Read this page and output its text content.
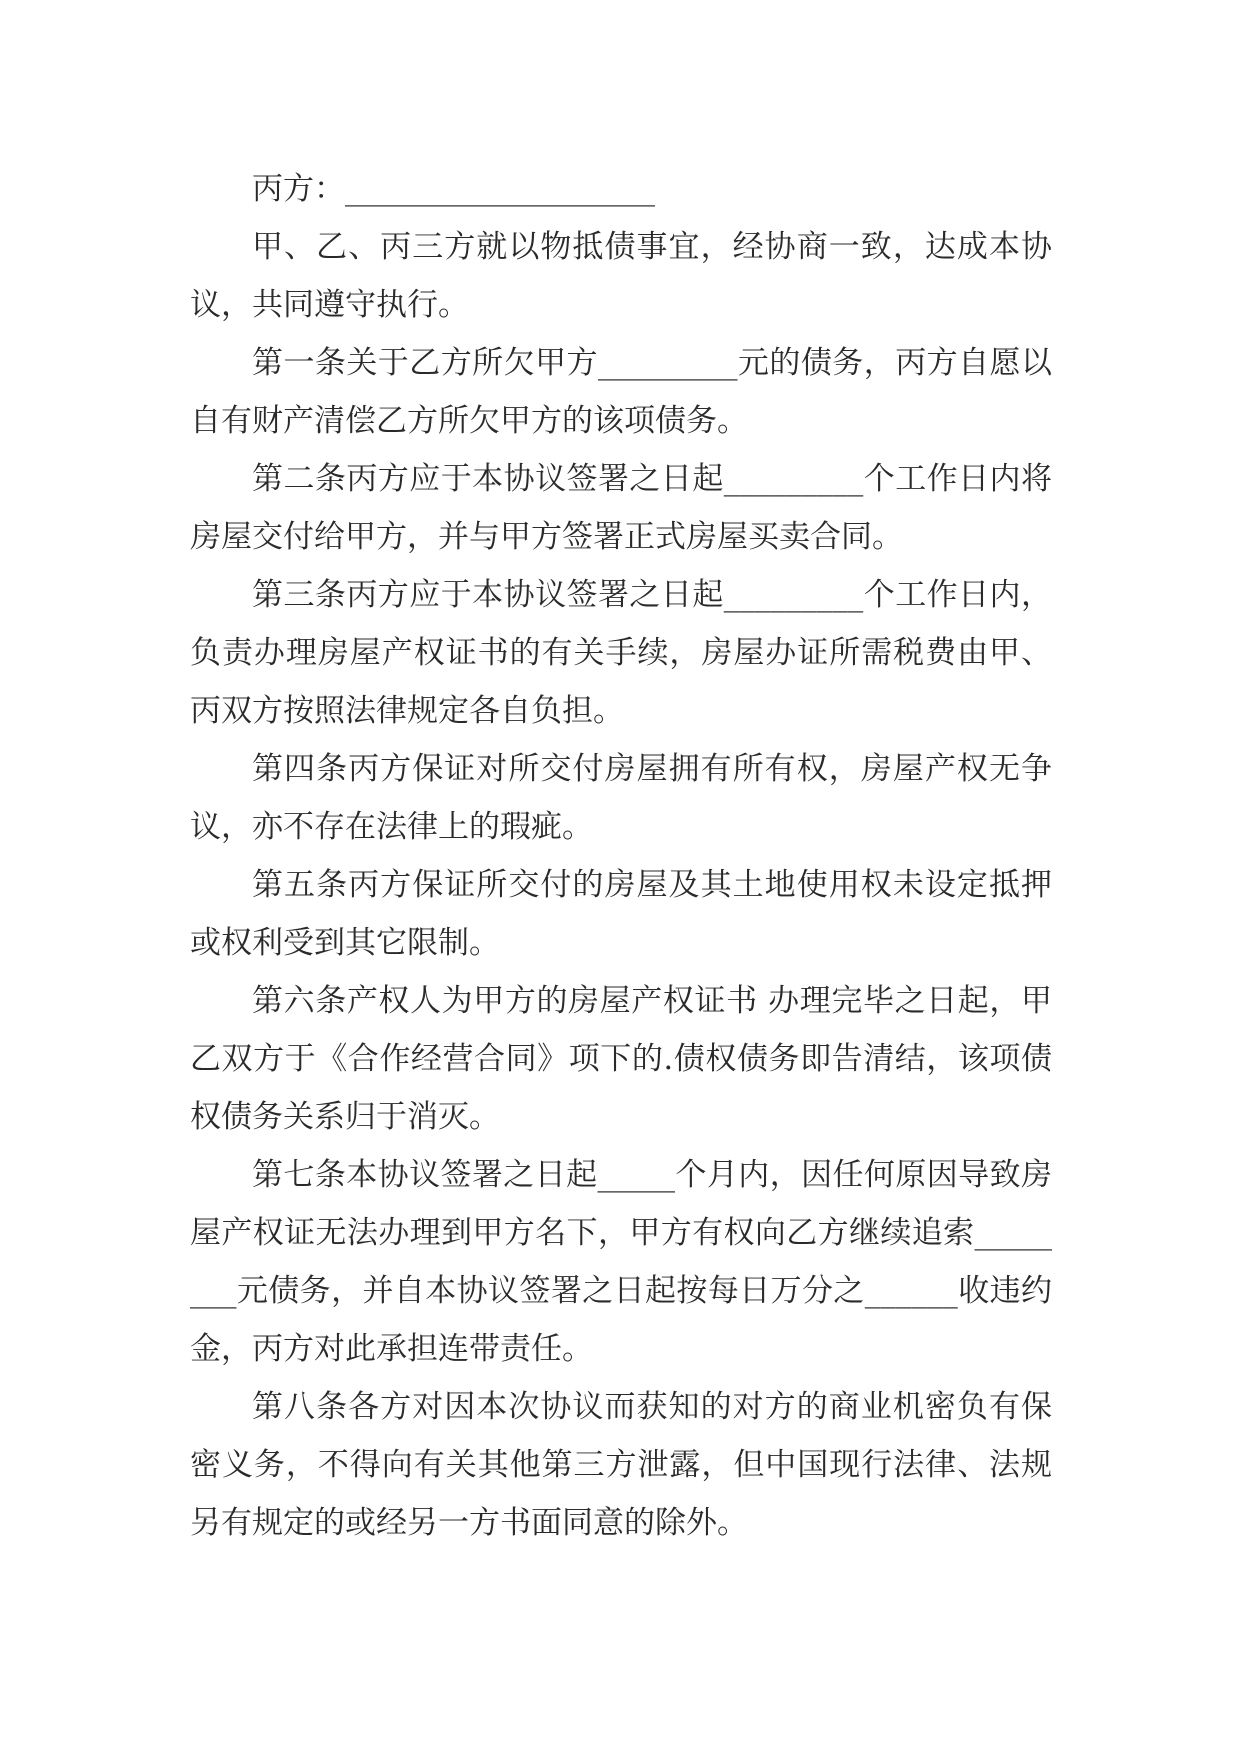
丙方：____________________

甲、乙、丙三方就以物抵债事宜，经协商一致，达成本协议，共同遵守执行。

第一条关于乙方所欠甲方_________元的债务，丙方自愿以自有财产清偿乙方所欠甲方的该项债务。

第二条丙方应于本协议签署之日起_________个工作日内将房屋交付给甲方，并与甲方签署正式房屋买卖合同。

第三条丙方应于本协议签署之日起_________个工作日内，负责办理房屋产权证书的有关手续，房屋办证所需税费由甲、丙双方按照法律规定各自负担。

第四条丙方保证对所交付房屋拥有所有权，房屋产权无争议，亦不存在法律上的瑕疵。

第五条丙方保证所交付的房屋及其土地使用权未设定抵押或权利受到其它限制。

第六条产权人为甲方的房屋产权证书 办理完毕之日起，甲乙双方于《合作经营合同》项下的.债权债务即告清结，该项债权债务关系归于消灭。

第七条本协议签署之日起_____个月内，因任何原因导致房屋产权证无法办理到甲方名下，甲方有权向乙方继续追索________元债务，并自本协议签署之日起按每日万分之______收违约金，丙方对此承担连带责任。

第八条各方对因本次协议而获知的对方的商业机密负有保密义务，不得向有关其他第三方泄露，但中国现行法律、法规另有规定的或经另一方书面同意的除外。
